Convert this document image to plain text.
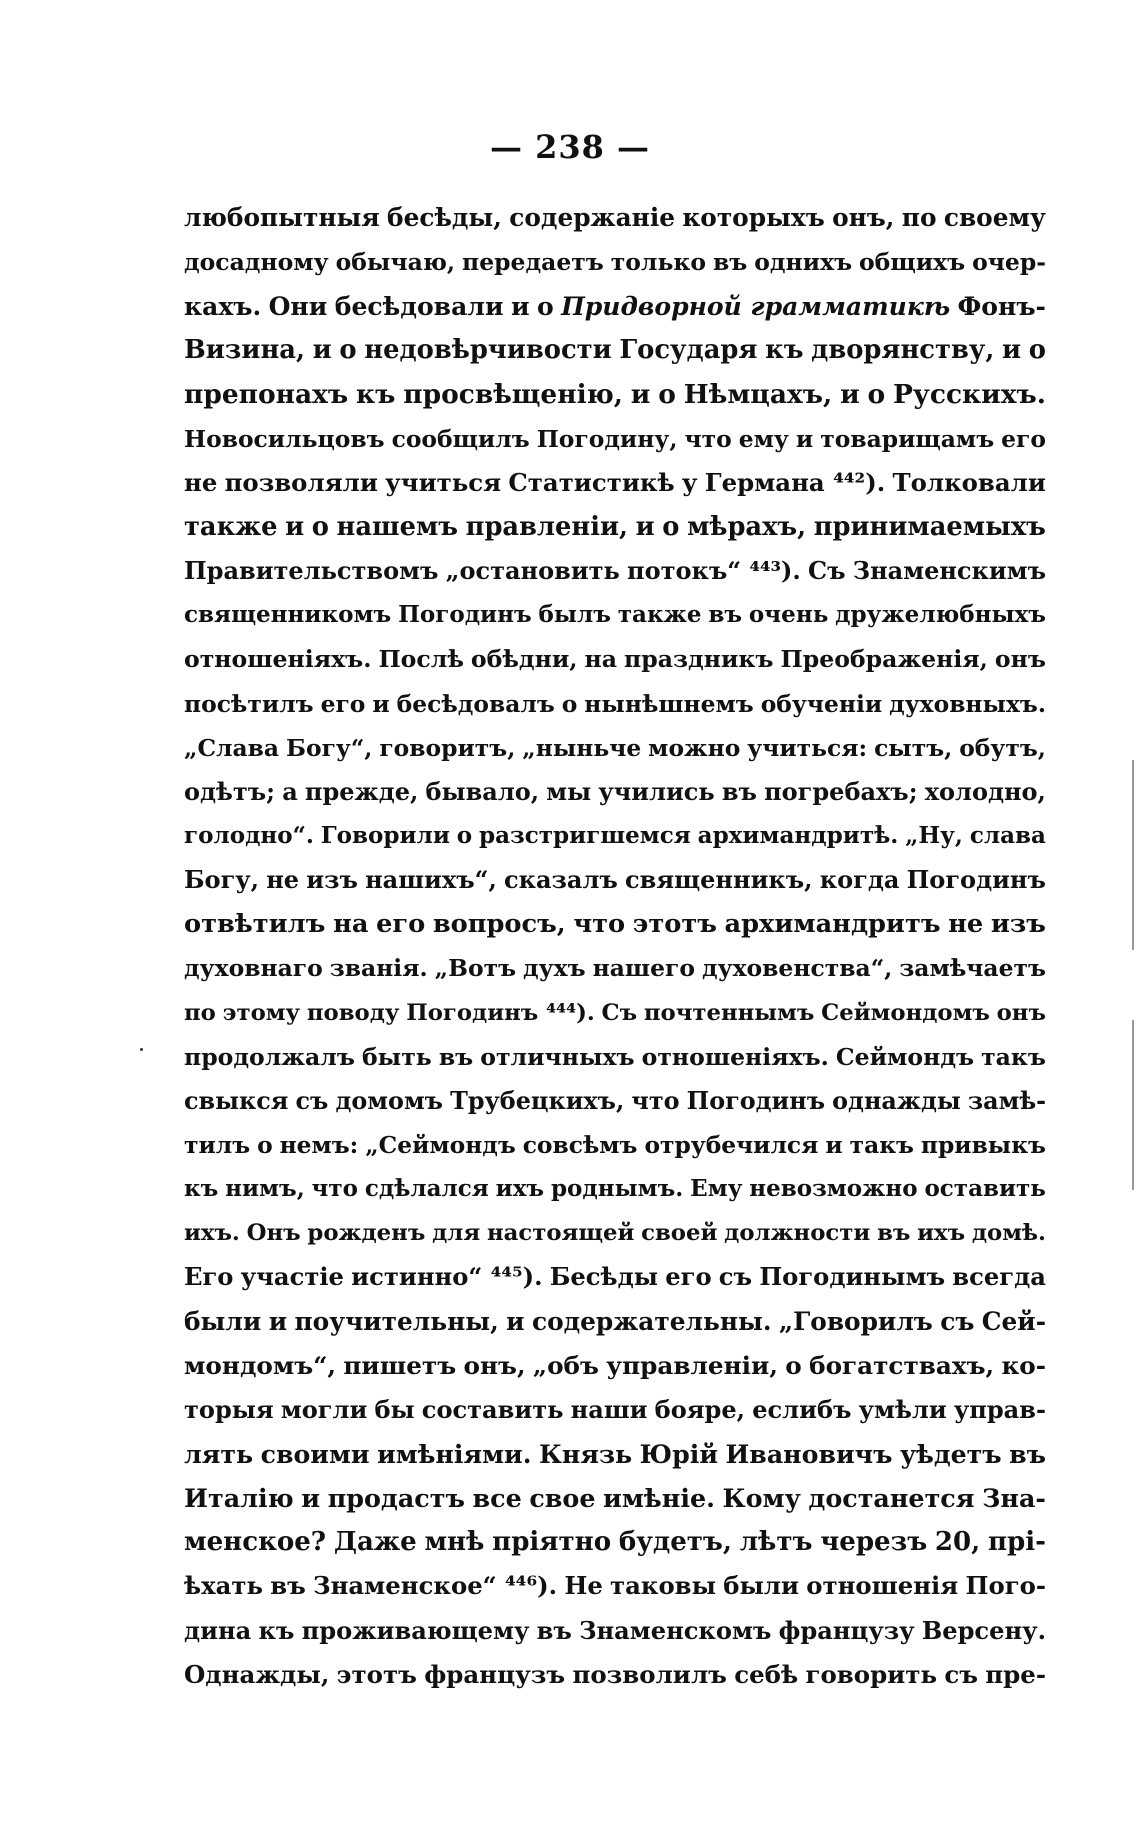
— 238 —
любопытныя бесѣды, содержаніе которыхъ онъ, по своему
досадному обычаю, передаетъ только въ однихъ общихъ очер-
кахъ. Они бесѣдовали и о Придворной грамматикѣ Фонъ-
Визина, и о недовѣрчивости Государя къ дворянству, и о
препонахъ къ просвѣщенію, и о Нѣмцахъ, и о Русскихъ.
Новосильцовъ сообщилъ Погодину, что ему и товарищамъ его
не позволяли учиться Статистикѣ у Германа ⁴⁴²). Толковали
также и о нашемъ правленіи, и о мѣрахъ, принимаемыхъ
Правительствомъ „остановить потокъ“ ⁴⁴³). Съ Знаменскимъ
священникомъ Погодинъ былъ также въ очень дружелюбныхъ
отношеніяхъ. Послѣ обѣдни, на праздникъ Преображенія, онъ
посѣтилъ его и бесѣдовалъ о нынѣшнемъ обученіи духовныхъ.
„Слава Богу“, говоритъ, „ныньче можно учиться: сытъ, обутъ,
одѣтъ; а прежде, бывало, мы учились въ погребахъ; холодно,
голодно“. Говорили о разстригшемся архимандритѣ. „Ну, слава
Богу, не изъ нашихъ“, сказалъ священникъ, когда Погодинъ
отвѣтилъ на его вопросъ, что этотъ архимандритъ не изъ
духовнаго званія. „Вотъ духъ нашего духовенства“, замѣчаетъ
по этому поводу Погодинъ ⁴⁴⁴). Съ почтеннымъ Сеймондомъ онъ
продолжалъ быть въ отличныхъ отношеніяхъ. Сеймондъ такъ
свыкся съ домомъ Трубецкихъ, что Погодинъ однажды замѣ-
тилъ о немъ: „Сеймондъ совсѣмъ отрубечился и такъ привыкъ
къ нимъ, что сдѣлался ихъ роднымъ. Ему невозможно оставить
ихъ. Онъ рожденъ для настоящей своей должности въ ихъ домѣ.
Его участіе истинно“ ⁴⁴⁵). Бесѣды его съ Погодинымъ всегда
были и поучительны, и содержательны. „Говорилъ съ Сей-
мондомъ“, пишетъ онъ, „объ управленіи, о богатствахъ, ко-
торыя могли бы составить наши бояре, еслибъ умѣли управ-
лять своими имѣніями. Князь Юрій Ивановичъ уѣдетъ въ
Италію и продастъ все свое имѣніе. Кому достанется Зна-
менское? Даже мнѣ пріятно будетъ, лѣтъ черезъ 20, прі-
ѣхать въ Знаменское“ ⁴⁴⁶). Не таковы были отношенія Пого-
дина къ проживающему въ Знаменскомъ французу Версену.
Однажды, этотъ французъ позволилъ себѣ говорить съ пре-
